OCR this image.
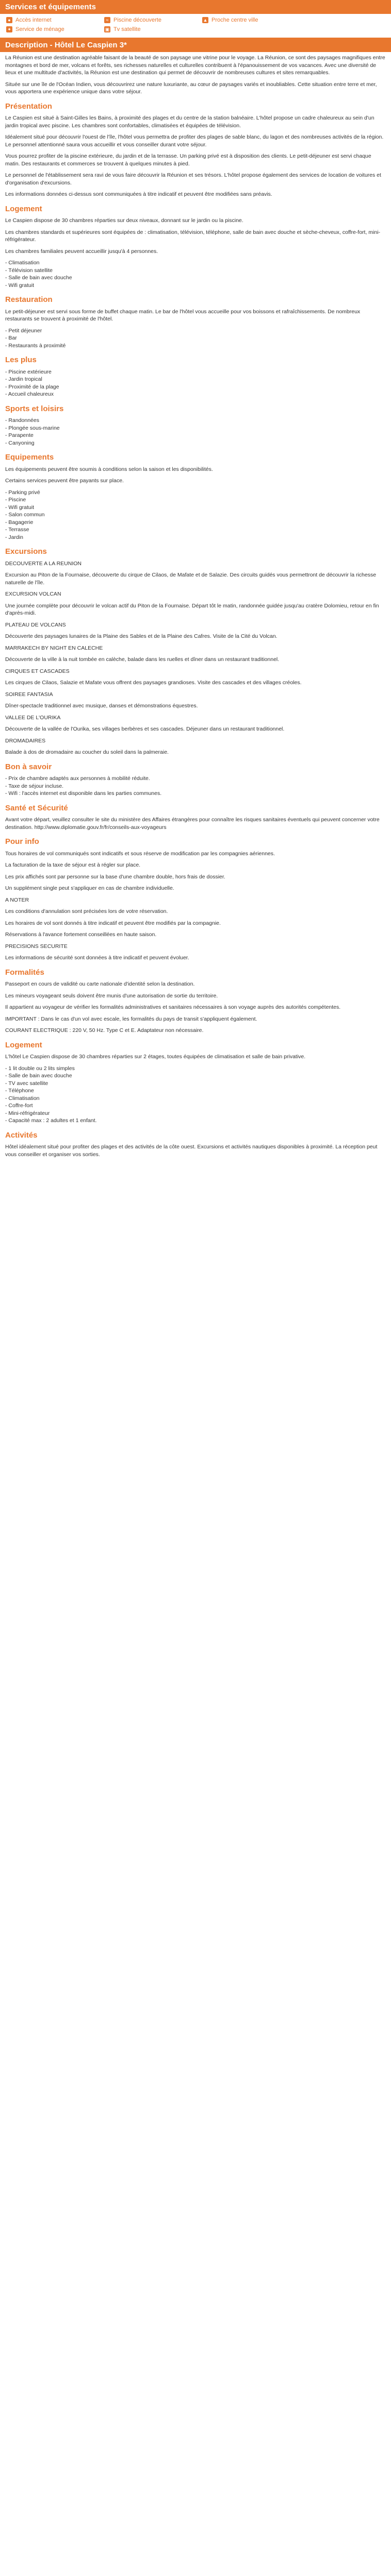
Services et équipements
● Accès internet	≈ Piscine découverte	▲ Proche centre ville
✦ Service de ménage	▣ Tv satellite
Description - Hôtel Le Caspien 3*

La Réunion est une destination agréable faisant de la beauté de son paysage une vitrine pour le voyage. La Réunion, ce sont des paysages magnifiques entre montagnes et bord de mer, volcans et forêts, ses richesses naturelles et culturelles contribuent à l'épanouissement de vos vacances. Avec une diversité de lieux et une multitude d'activités, la Réunion est une destination qui permet de découvrir de nombreuses cultures et sites remarquables.

Située sur une île de l'Océan Indien, vous découvrirez une nature luxuriante, au cœur de paysages variés et inoubliables. Cette situation entre terre et mer, vous apportera une expérience unique dans votre séjour.

Présentation

Le Caspien est situé à Saint-Gilles les Bains, à proximité des plages et du centre de la station balnéaire. L'hôtel propose un cadre chaleureux au sein d'un jardin tropical avec piscine. Les chambres sont confortables, climatisées et équipées de télévision.

Idéalement situé pour découvrir l'ouest de l'île, l'hôtel vous permettra de profiter des plages de sable blanc, du lagon et des nombreuses activités de la région. Le personnel attentionné saura vous accueillir et vous conseiller durant votre séjour.

Vous pourrez profiter de la piscine extérieure, du jardin et de la terrasse. Un parking privé est à disposition des clients. Le petit-déjeuner est servi chaque matin. Des restaurants et commerces se trouvent à quelques minutes à pied.

Le personnel de l'établissement sera ravi de vous faire découvrir la Réunion et ses trésors. L'hôtel propose également des services de location de voitures et d'organisation d'excursions.

Les informations données ci-dessus sont communiquées à titre indicatif et peuvent être modifiées sans préavis.

Logement

Le Caspien dispose de 30 chambres réparties sur deux niveaux, donnant sur le jardin ou la piscine.

Les chambres standards et supérieures sont équipées de : climatisation, télévision, téléphone, salle de bain avec douche et sèche-cheveux, coffre-fort, mini-réfrigérateur.

Les chambres familiales peuvent accueillir jusqu'à 4 personnes.

- Climatisation
- Télévision satellite
- Salle de bain avec douche
- Wifi gratuit
Restauration

Le petit-déjeuner est servi sous forme de buffet chaque matin. Le bar de l'hôtel vous accueille pour vos boissons et rafraîchissements. De nombreux restaurants se trouvent à proximité de l'hôtel.

- Petit déjeuner
- Bar
- Restaurants à proximité
Les plus
- Piscine extérieure
- Jardin tropical
- Proximité de la plage
- Accueil chaleureux
Sports et loisirs
- Randonnées
- Plongée sous-marine
- Parapente
- Canyoning
Equipements

Les équipements peuvent être soumis à conditions selon la saison et les disponibilités.

Certains services peuvent être payants sur place.

- Parking privé
- Piscine
- Wifi gratuit
- Salon commun
- Bagagerie
- Terrasse
- Jardin
Excursions

DECOUVERTE A LA REUNION

Excursion au Piton de la Fournaise, découverte du cirque de Cilaos, de Mafate et de Salazie. Des circuits guidés vous permettront de découvrir la richesse naturelle de l'île.

EXCURSION VOLCAN

Une journée complète pour découvrir le volcan actif du Piton de la Fournaise. Départ tôt le matin, randonnée guidée jusqu'au cratère Dolomieu, retour en fin d'après-midi.

PLATEAU DE VOLCANS

Découverte des paysages lunaires de la Plaine des Sables et de la Plaine des Cafres. Visite de la Cité du Volcan.

MARRAKECH BY NIGHT EN CALECHE

Découverte de la ville à la nuit tombée en calèche, balade dans les ruelles et dîner dans un restaurant traditionnel.

CIRQUES ET CASCADES

Les cirques de Cilaos, Salazie et Mafate vous offrent des paysages grandioses. Visite des cascades et des villages créoles.

SOIREE FANTASIA

Dîner-spectacle traditionnel avec musique, danses et démonstrations équestres.

VALLEE DE L'OURIKA

Découverte de la vallée de l'Ourika, ses villages berbères et ses cascades. Déjeuner dans un restaurant traditionnel.

DROMADAIRES

Balade à dos de dromadaire au coucher du soleil dans la palmeraie.

Bon à savoir
- Prix de chambre adaptés aux personnes à mobilité réduite.
- Taxe de séjour incluse.
- Wifi : l'accès internet est disponible dans les parties communes.
Santé et Sécurité

Avant votre départ, veuillez consulter le site du ministère des Affaires étrangères pour connaître les risques sanitaires éventuels qui peuvent concerner votre destination. http://www.diplomatie.gouv.fr/fr/conseils-aux-voyageurs

Pour info

Tous horaires de vol communiqués sont indicatifs et sous réserve de modification par les compagnies aériennes.

La facturation de la taxe de séjour est à régler sur place.

Les prix affichés sont par personne sur la base d'une chambre double, hors frais de dossier.

Un supplément single peut s'appliquer en cas de chambre individuelle.

A NOTER

Les conditions d'annulation sont précisées lors de votre réservation.

Les horaires de vol sont donnés à titre indicatif et peuvent être modifiés par la compagnie.

Réservations à l'avance fortement conseillées en haute saison.

PRECISIONS SECURITE

Les informations de sécurité sont données à titre indicatif et peuvent évoluer.

Formalités

Passeport en cours de validité ou carte nationale d'identité selon la destination.

Les mineurs voyageant seuls doivent être munis d'une autorisation de sortie du territoire.

Il appartient au voyageur de vérifier les formalités administratives et sanitaires nécessaires à son voyage auprès des autorités compétentes.

IMPORTANT : Dans le cas d'un vol avec escale, les formalités du pays de transit s'appliquent également.

COURANT ELECTRIQUE : 220 V, 50 Hz. Type C et E. Adaptateur non nécessaire.

Logement

L'hôtel Le Caspien dispose de 30 chambres réparties sur 2 étages, toutes équipées de climatisation et salle de bain privative.

- 1 lit double ou 2 lits simples
- Salle de bain avec douche
- TV avec satellite
- Téléphone
- Climatisation
- Coffre-fort
- Mini-réfrigérateur
- Capacité max : 2 adultes et 1 enfant.
Activités

Hôtel idéalement situé pour profiter des plages et des activités de la côte ouest. Excursions et activités nautiques disponibles à proximité. La réception peut vous conseiller et organiser vos sorties.
